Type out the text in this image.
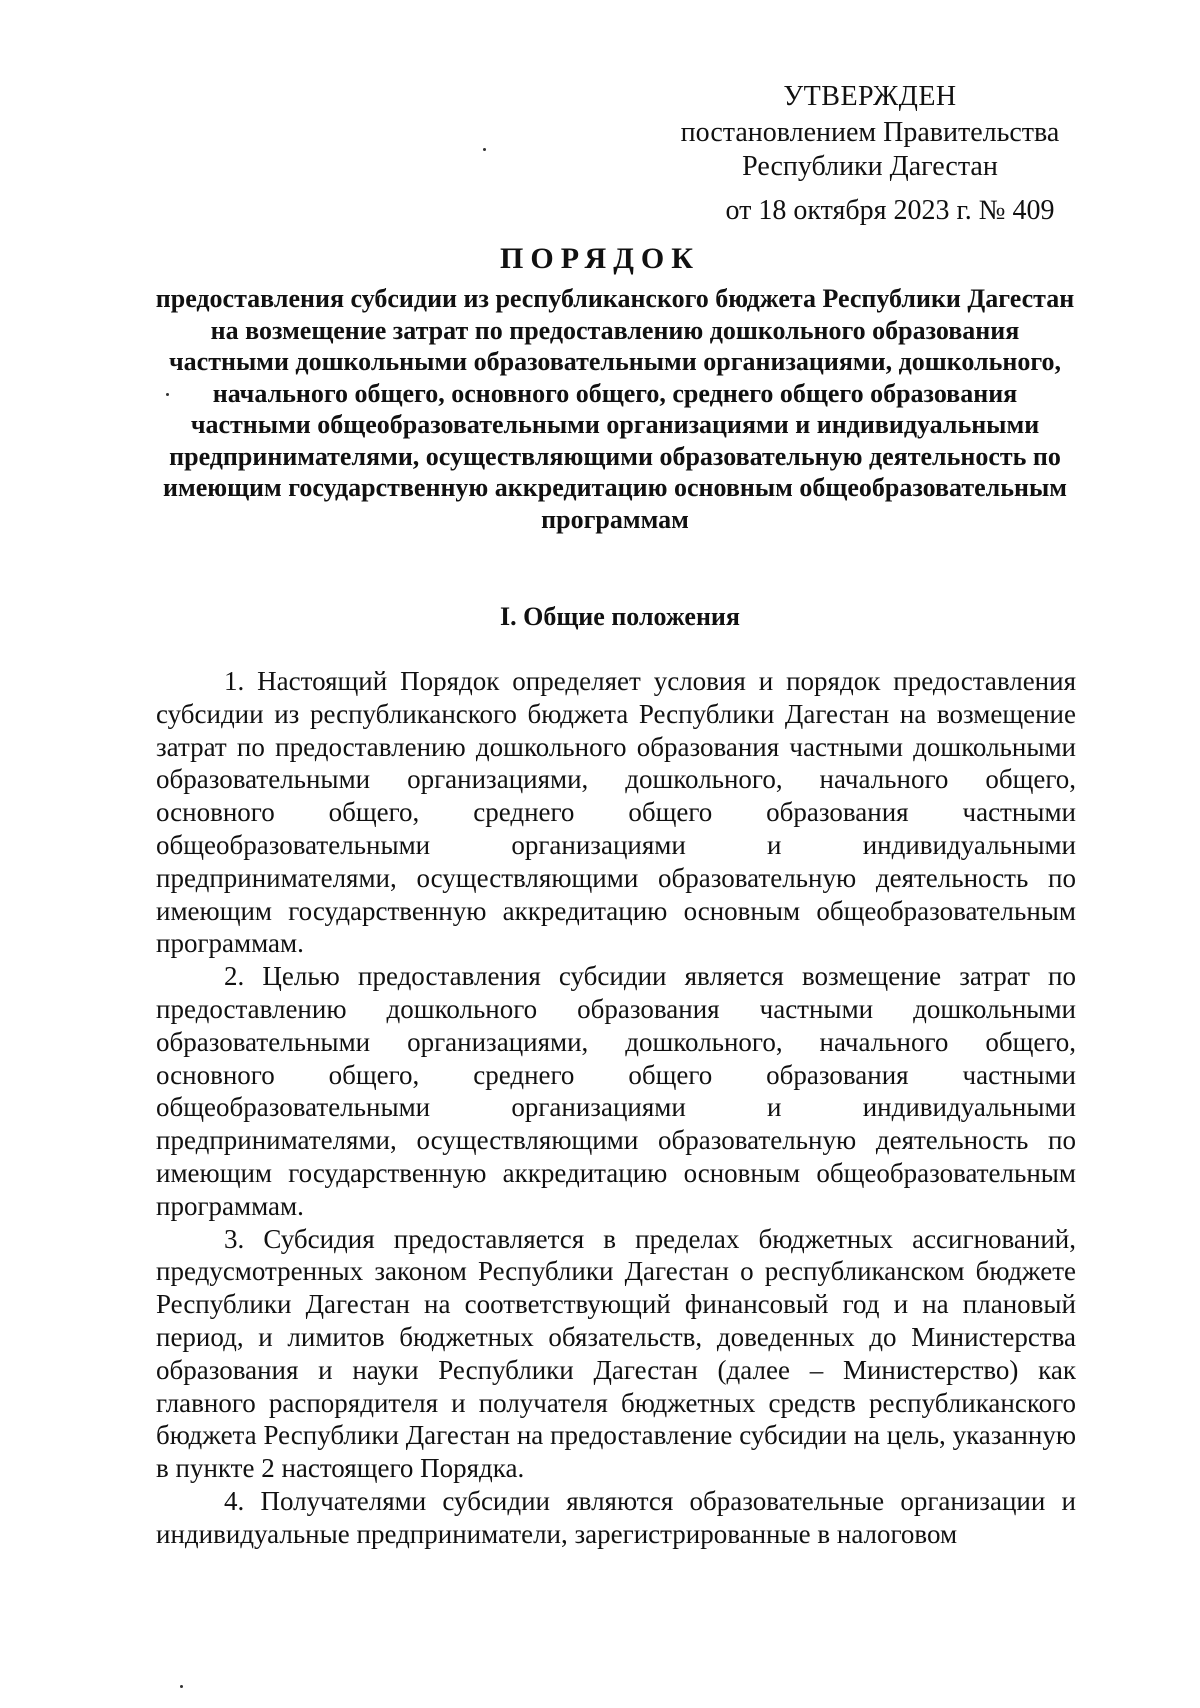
УТВЕРЖДЕН
постановлением Правительства
Республики Дагестан
от 18 октября 2023 г. № 409
ПОРЯДОК
предоставления субсидии из республиканского бюджета Республики Дагестан на возмещение затрат по предоставлению дошкольного образования частными дошкольными образовательными организациями, дошкольного, начального общего, основного общего, среднего общего образования частными общеобразовательными организациями и индивидуальными предпринимателями, осуществляющими образовательную деятельность по имеющим государственную аккредитацию основным общеобразовательным программам
I. Общие положения

1. Настоящий Порядок определяет условия и порядок предоставления субсидии из республиканского бюджета Республики Дагестан на возмещение затрат по предоставлению дошкольного образования частными дошкольными образовательными организациями, дошкольного, начального общего, основного общего, среднего общего образования частными общеобразовательными организациями и индивидуальными предпринимателями, осуществляющими образовательную деятельность по имеющим государственную аккредитацию основным общеобразовательным программам.

2. Целью предоставления субсидии является возмещение затрат по предоставлению дошкольного образования частными дошкольными образовательными организациями, дошкольного, начального общего, основного общего, среднего общего образования частными общеобразовательными организациями и индивидуальными предпринимателями, осуществляющими образовательную деятельность по имеющим государственную аккредитацию основным общеобразовательным программам.

3. Субсидия предоставляется в пределах бюджетных ассигнований, предусмотренных законом Республики Дагестан о республиканском бюджете Республики Дагестан на соответствующий финансовый год и на плановый период, и лимитов бюджетных обязательств, доведенных до Министерства образования и науки Республики Дагестан (далее – Министерство) как главного распорядителя и получателя бюджетных средств республиканского бюджета Республики Дагестан на предоставление субсидии на цель, указанную в пункте 2 настоящего Порядка.

4. Получателями субсидии являются образовательные организации и индивидуальные предприниматели, зарегистрированные в налоговом
